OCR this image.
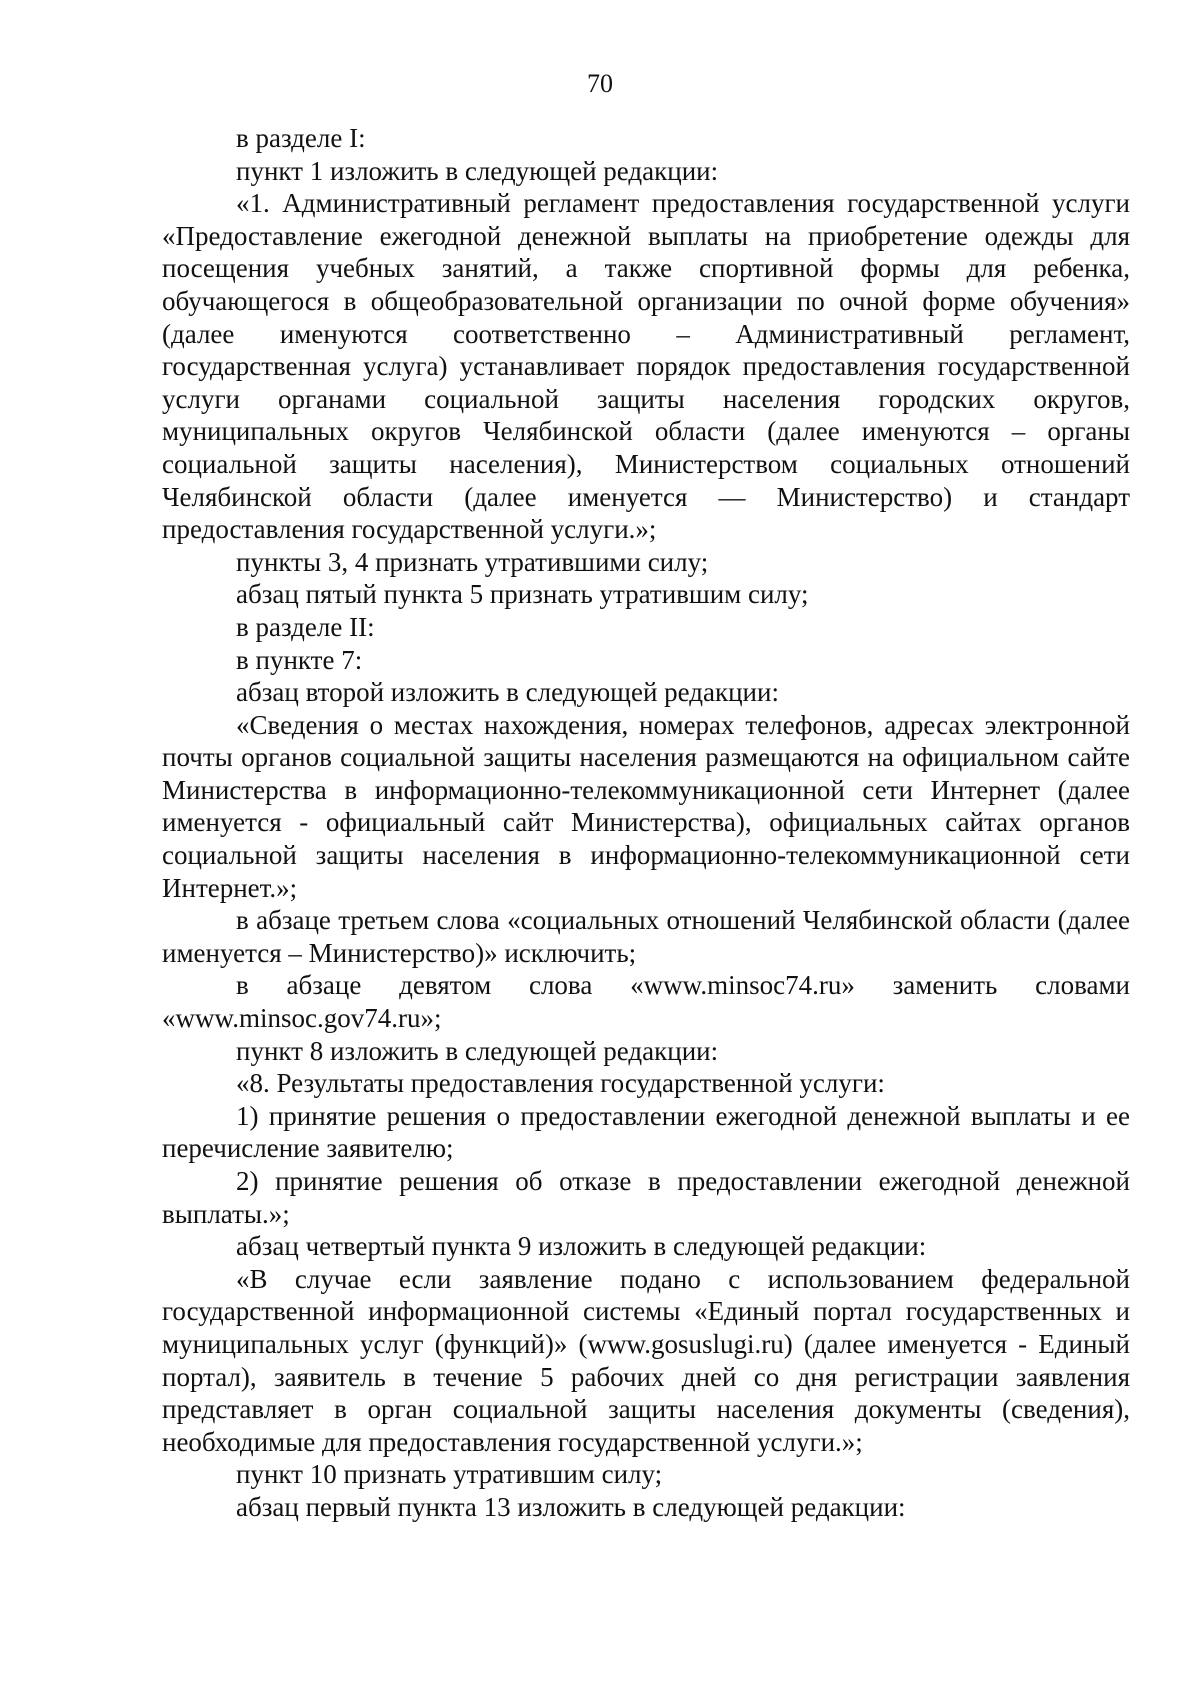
70

в разделе I:

пункт 1 изложить в следующей редакции:

«1. Административный регламент предоставления государственной услуги «Предоставление ежегодной денежной выплаты на приобретение одежды для посещения учебных занятий, а также спортивной формы для ребенка, обучающегося в общеобразовательной организации по очной форме обучения» (далее именуются соответственно – Административный регламент, государственная услуга) устанавливает порядок предоставления государственной услуги органами социальной защиты населения городских округов, муниципальных округов Челябинской области (далее именуются – органы социальной защиты населения), Министерством социальных отношений Челябинской области (далее именуется — Министерство) и стандарт предоставления государственной услуги.»;

пункты 3, 4 признать утратившими силу;

абзац пятый пункта 5 признать утратившим силу;

в разделе II:

в пункте 7:

абзац второй изложить в следующей редакции:

«Сведения о местах нахождения, номерах телефонов, адресах электронной почты органов социальной защиты населения размещаются на официальном сайте Министерства в информационно-телекоммуникационной сети Интернет (далее именуется - официальный сайт Министерства), официальных сайтах органов социальной защиты населения в информационно-телекоммуникационной сети Интернет.»;

в абзаце третьем слова «социальных отношений Челябинской области (далее именуется – Министерство)» исключить;

в абзаце девятом слова «www.minsoc74.ru» заменить словами «www.minsoc.gov74.ru»;

пункт 8 изложить в следующей редакции:

«8. Результаты предоставления государственной услуги:

1) принятие решения о предоставлении ежегодной денежной выплаты и ее перечисление заявителю;

2) принятие решения об отказе в предоставлении ежегодной денежной выплаты.»;

абзац четвертый пункта 9 изложить в следующей редакции:

«В случае если заявление подано с использованием федеральной государственной информационной системы «Единый портал государственных и муниципальных услуг (функций)» (www.gosuslugi.ru) (далее именуется - Единый портал), заявитель в течение 5 рабочих дней со дня регистрации заявления представляет в орган социальной защиты населения документы (сведения), необходимые для предоставления государственной услуги.»;

пункт 10 признать утратившим силу;

абзац первый пункта 13 изложить в следующей редакции:
